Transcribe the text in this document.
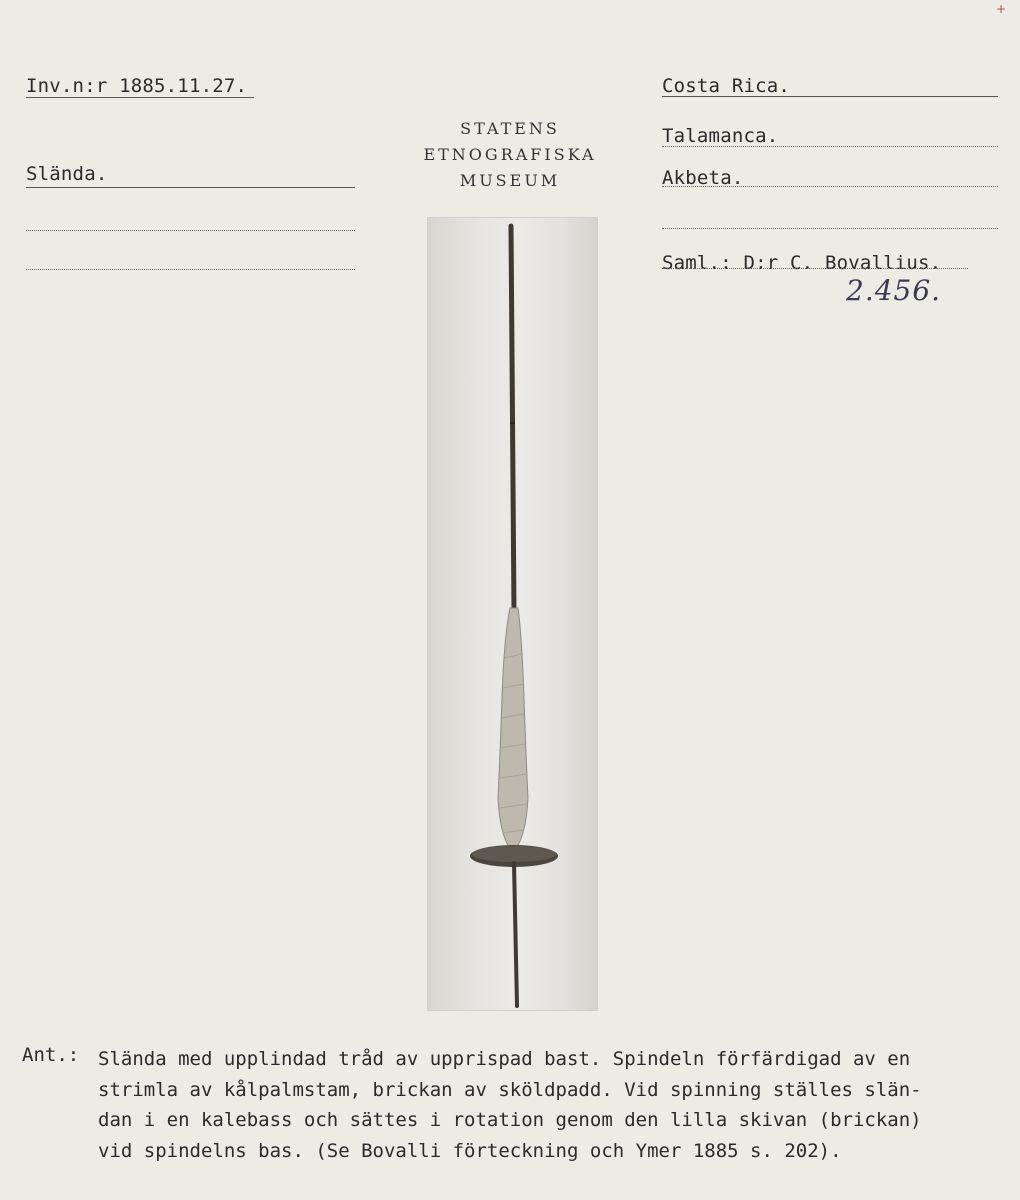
+
Inv.n:r 1885.11.27.
Slända.
STATENS
ETNOGRAFISKA
MUSEUM
Costa Rica.
Talamanca.
Akbeta.
Saml.: D:r C. Bovallius.
2.456.
Ant.: Slända med upplindad tråd av upprispad bast. Spindeln förfärdigad av en
strimla av kålpalmstam, brickan av sköldpadd. Vid spinning ställes slän-
dan i en kalebass och sättes i rotation genom den lilla skivan (brickan)
vid spindelns bas. (Se Bovalli förteckning och Ymer 1885 s. 202).
